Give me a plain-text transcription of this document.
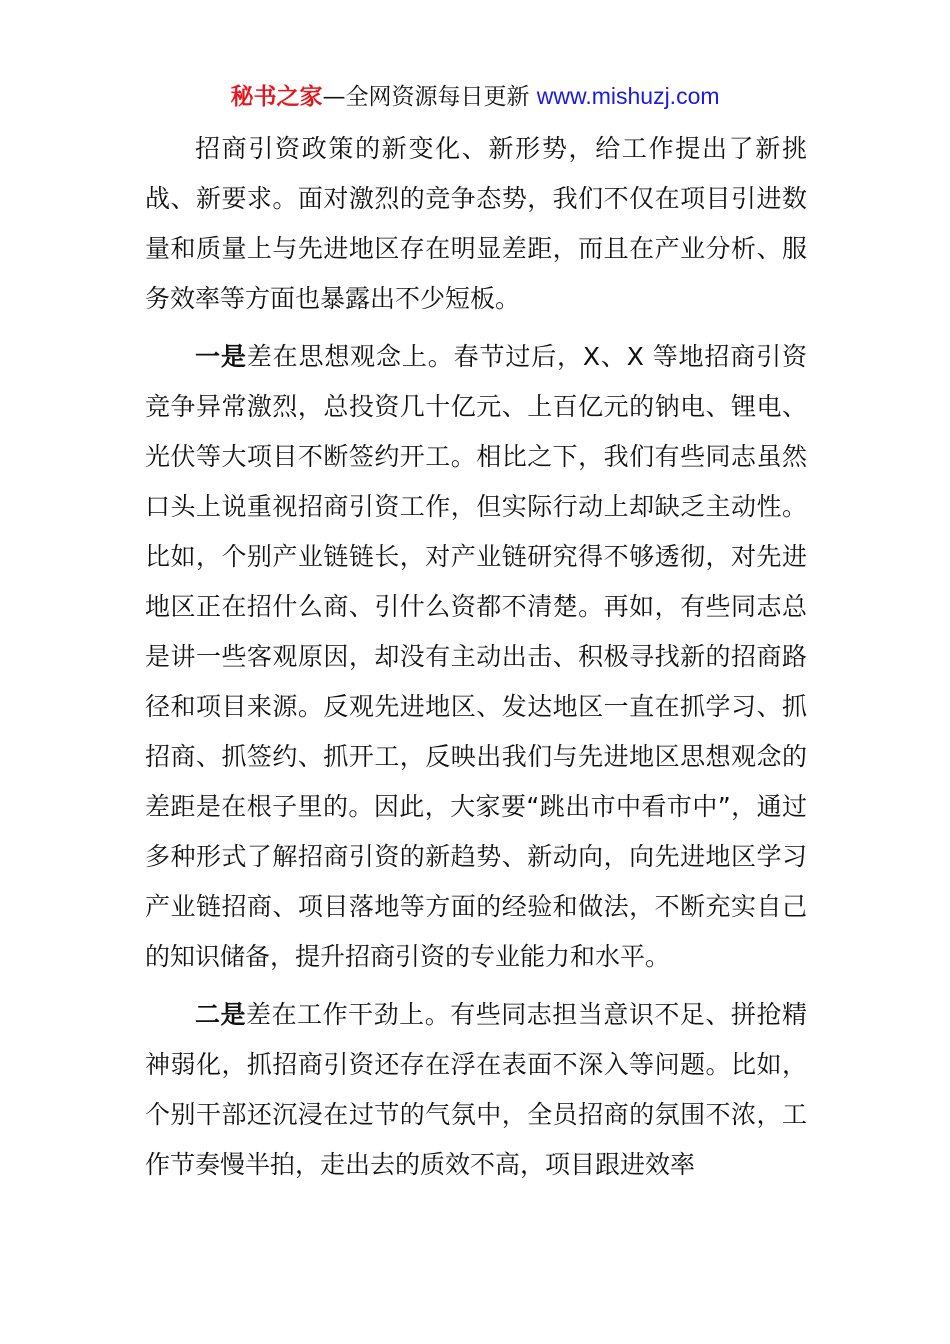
秘书之家—全网资源每日更新 www.mishuzj.com

招商引资政策的新变化、新形势，给工作提出了新挑战、新要求。面对激烈的竞争态势，我们不仅在项目引进数量和质量上与先进地区存在明显差距，而且在产业分析、服务效率等方面也暴露出不少短板。

一是差在思想观念上。春节过后，X、X 等地招商引资竞争异常激烈，总投资几十亿元、上百亿元的钠电、锂电、光伏等大项目不断签约开工。相比之下，我们有些同志虽然口头上说重视招商引资工作，但实际行动上却缺乏主动性。比如，个别产业链链长，对产业链研究得不够透彻，对先进地区正在招什么商、引什么资都不清楚。再如，有些同志总是讲一些客观原因，却没有主动出击、积极寻找新的招商路径和项目来源。反观先进地区、发达地区一直在抓学习、抓招商、抓签约、抓开工，反映出我们与先进地区思想观念的差距是在根子里的。因此，大家要“跳出市中看市中”，通过多种形式了解招商引资的新趋势、新动向，向先进地区学习产业链招商、项目落地等方面的经验和做法，不断充实自己的知识储备，提升招商引资的专业能力和水平。

二是差在工作干劲上。有些同志担当意识不足、拼抢精神弱化，抓招商引资还存在浮在表面不深入等问题。比如，个别干部还沉浸在过节的气氛中，全员招商的氛围不浓，工作节奏慢半拍，走出去的质效不高，项目跟进效率
